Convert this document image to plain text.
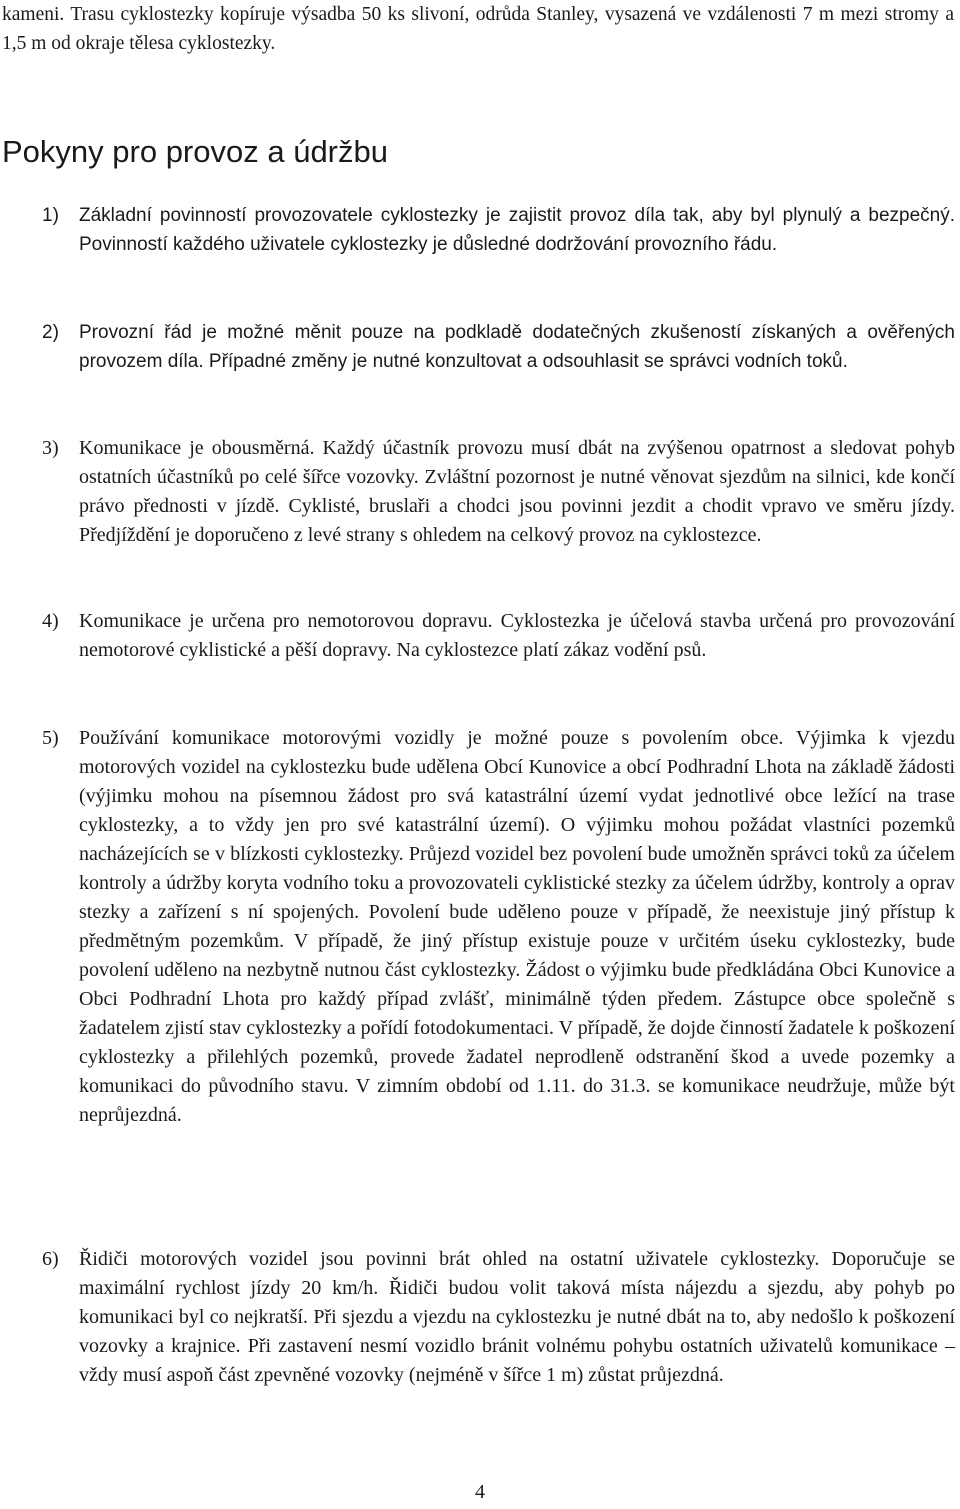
kameni. Trasu cyklostezky kopíruje výsadba 50 ks slivoní, odrůda Stanley, vysazená ve vzdálenosti 7 m mezi stromy a 1,5 m od okraje tělesa cyklostezky.

Pokyny pro provoz a údržbu
1) Základní povinností provozovatele cyklostezky je zajistit provoz díla tak, aby byl plynulý a bezpečný. Povinností každého uživatele cyklostezky je důsledné dodržování provozního řádu.
2) Provozní řád je možné měnit pouze na podkladě dodatečných zkušeností získaných a ověřených provozem díla. Případné změny je nutné konzultovat a odsouhlasit se správci vodních toků.
3) Komunikace je obousměrná. Každý účastník provozu musí dbát na zvýšenou opatrnost a sledovat pohyb ostatních účastníků po celé šířce vozovky. Zvláštní pozornost je nutné věnovat sjezdům na silnici, kde končí právo přednosti v jízdě. Cyklisté, bruslaři a chodci jsou povinni jezdit a chodit vpravo ve směru jízdy. Předjíždění je doporučeno z levé strany s ohledem na celkový provoz na cyklostezce.
4) Komunikace je určena pro nemotorovou dopravu. Cyklostezka je účelová stavba určená pro provozování nemotorové cyklistické a pěší dopravy. Na cyklostezce platí zákaz vodění psů.
5) Používání komunikace motorovými vozidly je možné pouze s povolením obce. Výjimka k vjezdu motorových vozidel na cyklostezku bude udělena Obcí Kunovice a obcí Podhradní Lhota na základě žádosti (výjimku mohou na písemnou žádost pro svá katastrální území vydat jednotlivé obce ležící na trase cyklostezky, a to vždy jen pro své katastrální území). O výjimku mohou požádat vlastníci pozemků nacházejících se v blízkosti cyklostezky. Průjezd vozidel bez povolení bude umožněn správci toků za účelem kontroly a údržby koryta vodního toku a provozovateli cyklistické stezky za účelem údržby, kontroly a oprav stezky a zařízení s ní spojených. Povolení bude uděleno pouze v případě, že neexistuje jiný přístup k předmětným pozemkům. V případě, že jiný přístup existuje pouze v určitém úseku cyklostezky, bude povolení uděleno na nezbytně nutnou část cyklostezky. Žádost o výjimku bude předkládána Obci Kunovice a Obci Podhradní Lhota pro každý případ zvlášť, minimálně týden předem. Zástupce obce společně s žadatelem zjistí stav cyklostezky a pořídí fotodokumentaci. V případě, že dojde činností žadatele k poškození cyklostezky a přilehlých pozemků, provede žadatel neprodleně odstranění škod a uvede pozemky a komunikaci do původního stavu. V zimním období od 1.11. do 31.3. se komunikace neudržuje, může být neprůjezdná.
6) Řidiči motorových vozidel jsou povinni brát ohled na ostatní uživatele cyklostezky. Doporučuje se maximální rychlost jízdy 20 km/h. Řidiči budou volit taková místa nájezdu a sjezdu, aby pohyb po komunikaci byl co nejkratší. Při sjezdu a vjezdu na cyklostezku je nutné dbát na to, aby nedošlo k poškození vozovky a krajnice. Při zastavení nesmí vozidlo bránit volnému pohybu ostatních uživatelů komunikace – vždy musí aspoň část zpevněné vozovky (nejméně v šířce 1 m) zůstat průjezdná.
4
